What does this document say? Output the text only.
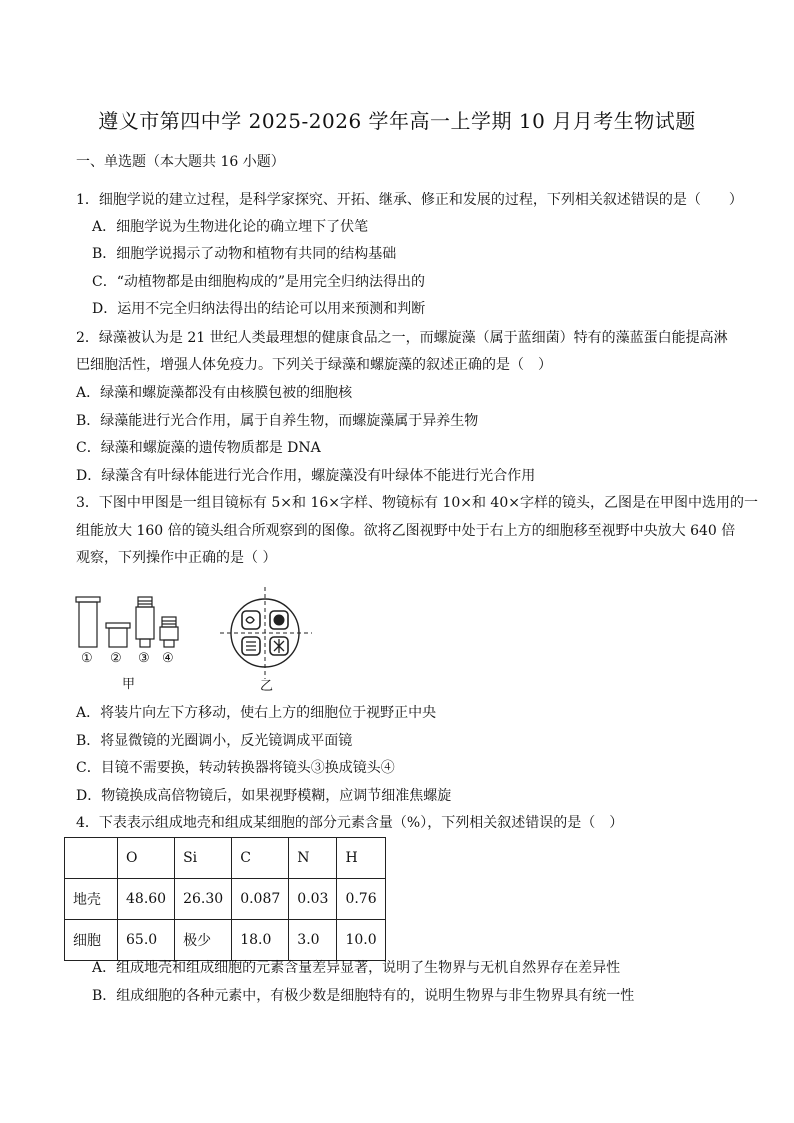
遵义市第四中学 2025-2026 学年高一上学期 10 月月考生物试题
一、单选题（本大题共 16 小题）
1．细胞学说的建立过程，是科学家探究、开拓、继承、修正和发展的过程，下列相关叙述错误的是（　　）
A．细胞学说为生物进化论的确立埋下了伏笔
B．细胞学说揭示了动物和植物有共同的结构基础
C．“动植物都是由细胞构成的”是用完全归纳法得出的
D．运用不完全归纳法得出的结论可以用来预测和判断
2．绿藻被认为是 21 世纪人类最理想的健康食品之一，而螺旋藻（属于蓝细菌）特有的藻蓝蛋白能提高淋
巴细胞活性，增强人体免疫力。下列关于绿藻和螺旋藻的叙述正确的是（　）
A．绿藻和螺旋藻都没有由核膜包被的细胞核
B．绿藻能进行光合作用，属于自养生物，而螺旋藻属于异养生物
C．绿藻和螺旋藻的遗传物质都是 DNA
D．绿藻含有叶绿体能进行光合作用，螺旋藻没有叶绿体不能进行光合作用
3．下图中甲图是一组目镜标有 5×和 16×字样、物镜标有 10×和 40×字样的镜头，乙图是在甲图中选用的一
组能放大 160 倍的镜头组合所观察到的图像。欲将乙图视野中处于右上方的细胞移至视野中央放大 640 倍
观察，下列操作中正确的是（ ）
① ② ③ ④
甲	乙
A．将装片向左下方移动，使右上方的细胞位于视野正中央
B．将显微镜的光圈调小，反光镜调成平面镜
C．目镜不需要换，转动转换器将镜头③换成镜头④
D．物镜换成高倍物镜后，如果视野模糊，应调节细准焦螺旋
4．下表表示组成地壳和组成某细胞的部分元素含量（%），下列相关叙述错误的是（　）
	O	Si	C	N	H
地壳	48.60	26.30	0.087	0.03	0.76
细胞	65.0	极少	18.0	3.0	10.0
A．组成地壳和组成细胞的元素含量差异显著，说明了生物界与无机自然界存在差异性
B．组成细胞的各种元素中，有极少数是细胞特有的，说明生物界与非生物界具有统一性
